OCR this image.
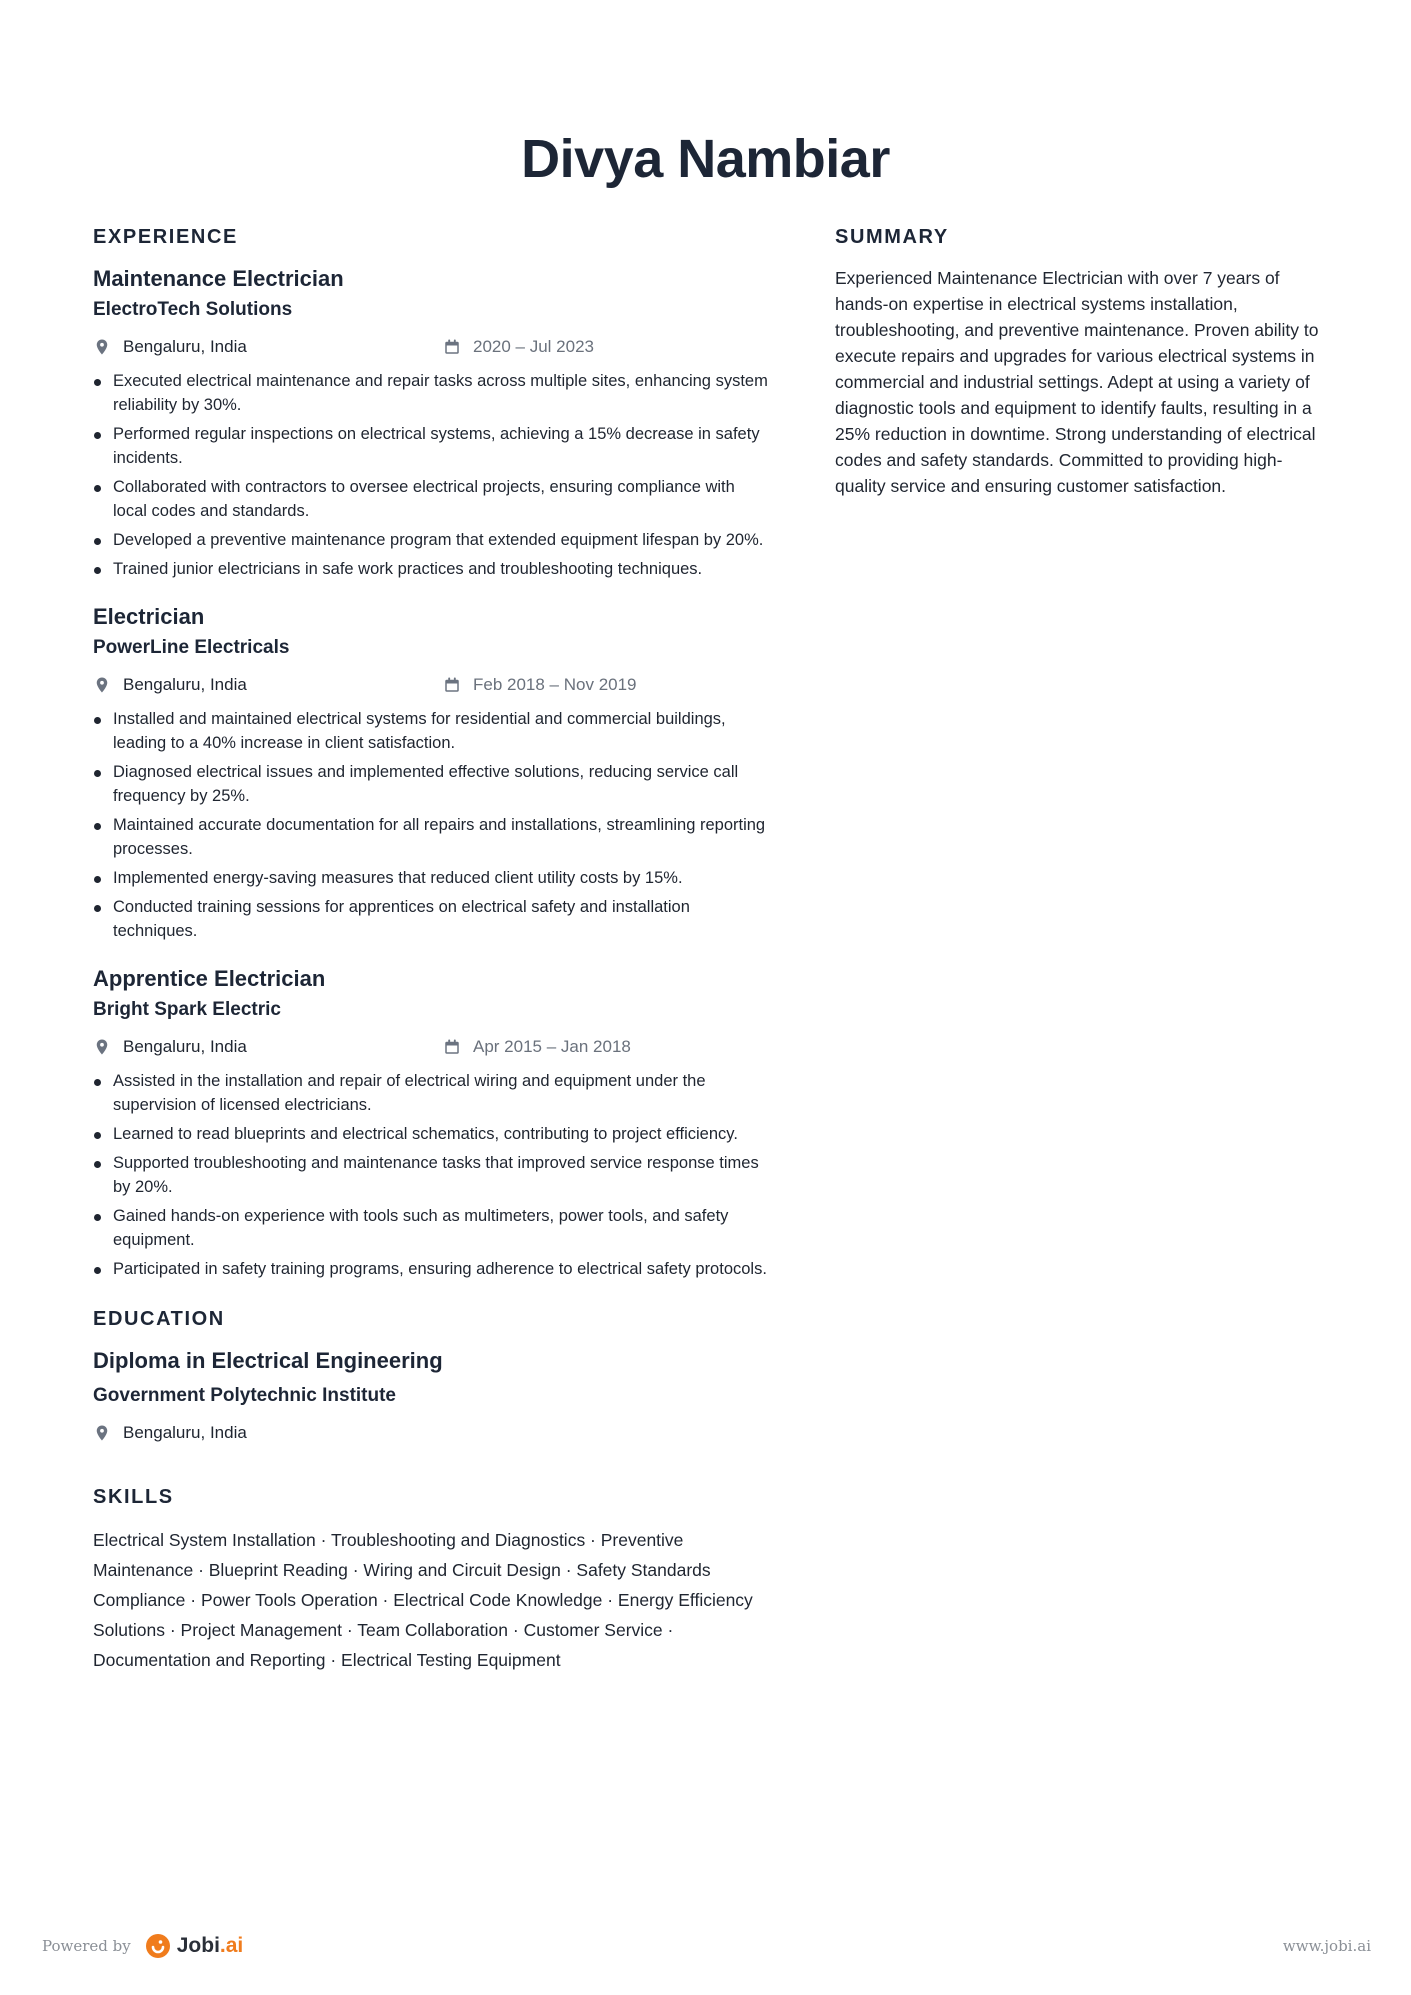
Divya Nambiar
EXPERIENCE

Maintenance Electrician

ElectroTech Solutions

Bengaluru, India	2020 – Jul 2023
Executed electrical maintenance and repair tasks across multiple sites, enhancing system reliability by 30%.
Performed regular inspections on electrical systems, achieving a 15% decrease in safety incidents.
Collaborated with contractors to oversee electrical projects, ensuring compliance with local codes and standards.
Developed a preventive maintenance program that extended equipment lifespan by 20%.
Trained junior electricians in safe work practices and troubleshooting techniques.

Electrician

PowerLine Electricals

Bengaluru, India	Feb 2018 – Nov 2019
Installed and maintained electrical systems for residential and commercial buildings, leading to a 40% increase in client satisfaction.
Diagnosed electrical issues and implemented effective solutions, reducing service call frequency by 25%.
Maintained accurate documentation for all repairs and installations, streamlining reporting processes.
Implemented energy-saving measures that reduced client utility costs by 15%.
Conducted training sessions for apprentices on electrical safety and installation techniques.

Apprentice Electrician

Bright Spark Electric

Bengaluru, India	Apr 2015 – Jan 2018
Assisted in the installation and repair of electrical wiring and equipment under the supervision of licensed electricians.
Learned to read blueprints and electrical schematics, contributing to project efficiency.
Supported troubleshooting and maintenance tasks that improved service response times by 20%.
Gained hands-on experience with tools such as multimeters, power tools, and safety equipment.
Participated in safety training programs, ensuring adherence to electrical safety protocols.
EDUCATION

Diploma in Electrical Engineering

Government Polytechnic Institute

Bengaluru, India
SKILLS

Electrical System Installation · Troubleshooting and Diagnostics · Preventive Maintenance · Blueprint Reading · Wiring and Circuit Design · Safety Standards Compliance · Power Tools Operation · Electrical Code Knowledge · Energy Efficiency Solutions · Project Management · Team Collaboration · Customer Service · Documentation and Reporting · Electrical Testing Equipment

SUMMARY

Experienced Maintenance Electrician with over 7 years of hands-on expertise in electrical systems installation, troubleshooting, and preventive maintenance. Proven ability to execute repairs and upgrades for various electrical systems in commercial and industrial settings. Adept at using a variety of diagnostic tools and equipment to identify faults, resulting in a 25% reduction in downtime. Strong understanding of electrical codes and safety standards. Committed to providing high-quality service and ensuring customer satisfaction.

Powered by Jobi.ai	www.jobi.ai
